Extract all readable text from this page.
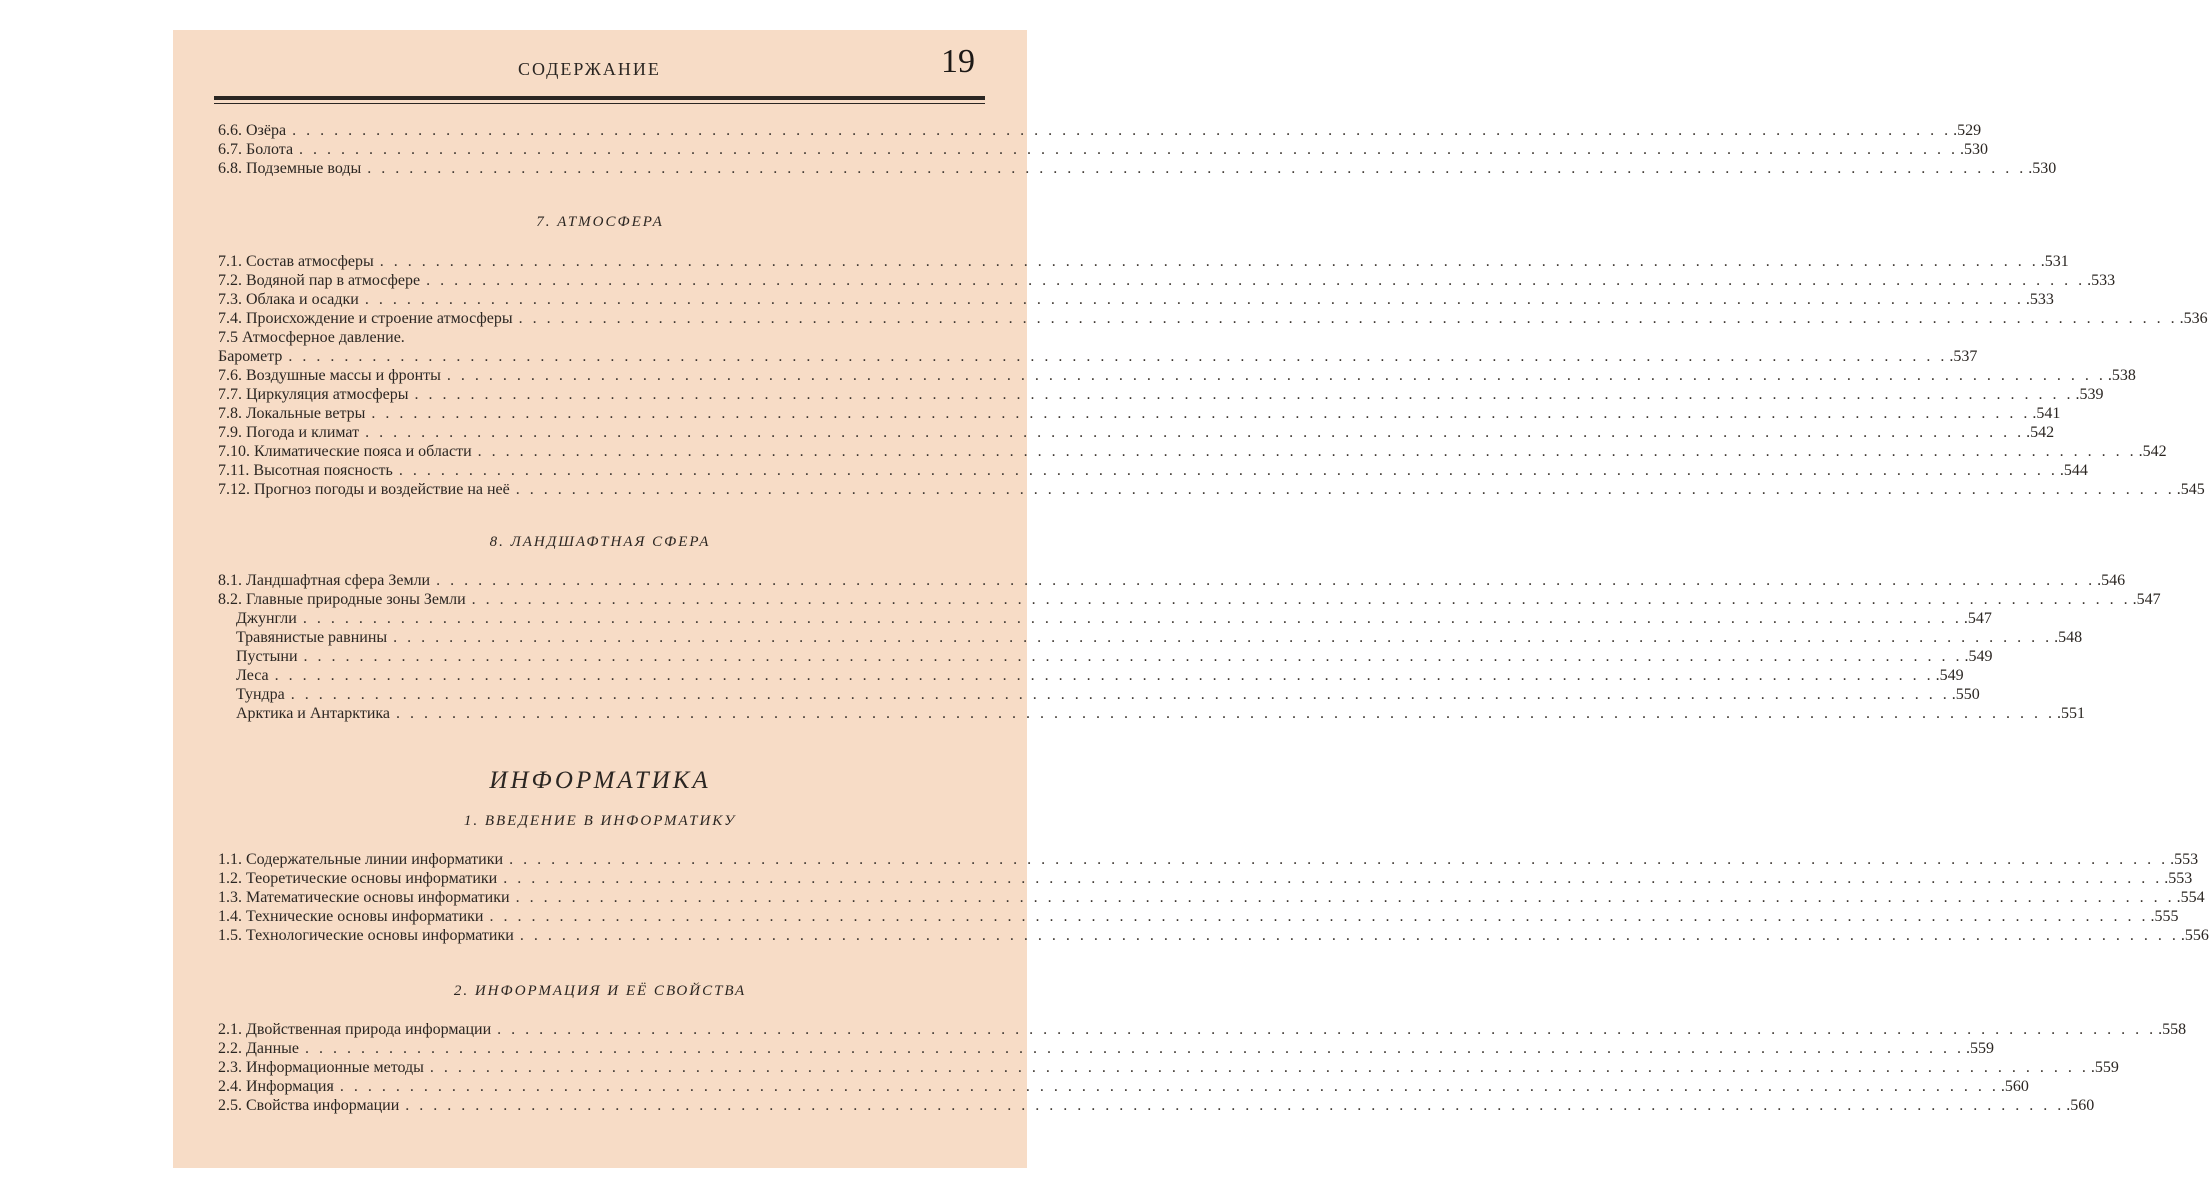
СОДЕРЖАНИЕ	19
6.6. Озёра . . . . . . . . . . . . . . . . . . . . . . . . . . . . . . . . . . . . . . . . . . . . . . . . . . . . . . . . . . . . . . . . . . . . . . . . . . . . . . . . . . . . . . . . . . . . . . . . . . . . . . . . . . . . . . . . . . . . . . . .529
6.7. Болота . . . . . . . . . . . . . . . . . . . . . . . . . . . . . . . . . . . . . . . . . . . . . . . . . . . . . . . . . . . . . . . . . . . . . . . . . . . . . . . . . . . . . . . . . . . . . . . . . . . . . . . . . . . . . . . . . . . . . . . .530
6.8. Подземные воды . . . . . . . . . . . . . . . . . . . . . . . . . . . . . . . . . . . . . . . . . . . . . . . . . . . . . . . . . . . . . . . . . . . . . . . . . . . . . . . . . . . . . . . . . . . . . . . . . . . . . . . . . . . . . . . . . . . . . . . .530
7. АТМОСФЕРА
7.1. Состав атмосферы . . . . . . . . . . . . . . . . . . . . . . . . . . . . . . . . . . . . . . . . . . . . . . . . . . . . . . . . . . . . . . . . . . . . . . . . . . . . . . . . . . . . . . . . . . . . . . . . . . . . . . . . . . . . . . . . . . . . . . . .531
7.2. Водяной пар в атмосфере . . . . . . . . . . . . . . . . . . . . . . . . . . . . . . . . . . . . . . . . . . . . . . . . . . . . . . . . . . . . . . . . . . . . . . . . . . . . . . . . . . . . . . . . . . . . . . . . . . . . . . . . . . . . . . . . . . . . . . . .533
7.3. Облака и осадки . . . . . . . . . . . . . . . . . . . . . . . . . . . . . . . . . . . . . . . . . . . . . . . . . . . . . . . . . . . . . . . . . . . . . . . . . . . . . . . . . . . . . . . . . . . . . . . . . . . . . . . . . . . . . . . . . . . . . . . .533
7.4. Происхождение и строение атмосферы . . . . . . . . . . . . . . . . . . . . . . . . . . . . . . . . . . . . . . . . . . . . . . . . . . . . . . . . . . . . . . . . . . . . . . . . . . . . . . . . . . . . . . . . . . . . . . . . . . . . . . . . . . . . . . . . . . . . . . . .536
7.5 Атмосферное давление.
Барометр . . . . . . . . . . . . . . . . . . . . . . . . . . . . . . . . . . . . . . . . . . . . . . . . . . . . . . . . . . . . . . . . . . . . . . . . . . . . . . . . . . . . . . . . . . . . . . . . . . . . . . . . . . . . . . . . . . . . . . . .537
7.6. Воздушные массы и фронты . . . . . . . . . . . . . . . . . . . . . . . . . . . . . . . . . . . . . . . . . . . . . . . . . . . . . . . . . . . . . . . . . . . . . . . . . . . . . . . . . . . . . . . . . . . . . . . . . . . . . . . . . . . . . . . . . . . . . . . .538
7.7. Циркуляция атмосферы . . . . . . . . . . . . . . . . . . . . . . . . . . . . . . . . . . . . . . . . . . . . . . . . . . . . . . . . . . . . . . . . . . . . . . . . . . . . . . . . . . . . . . . . . . . . . . . . . . . . . . . . . . . . . . . . . . . . . . . .539
7.8. Локальные ветры . . . . . . . . . . . . . . . . . . . . . . . . . . . . . . . . . . . . . . . . . . . . . . . . . . . . . . . . . . . . . . . . . . . . . . . . . . . . . . . . . . . . . . . . . . . . . . . . . . . . . . . . . . . . . . . . . . . . . . . .541
7.9. Погода и климат . . . . . . . . . . . . . . . . . . . . . . . . . . . . . . . . . . . . . . . . . . . . . . . . . . . . . . . . . . . . . . . . . . . . . . . . . . . . . . . . . . . . . . . . . . . . . . . . . . . . . . . . . . . . . . . . . . . . . . . .542
7.10. Климатические пояса и области . . . . . . . . . . . . . . . . . . . . . . . . . . . . . . . . . . . . . . . . . . . . . . . . . . . . . . . . . . . . . . . . . . . . . . . . . . . . . . . . . . . . . . . . . . . . . . . . . . . . . . . . . . . . . . . . . . . . . . . .542
7.11. Высотная поясность . . . . . . . . . . . . . . . . . . . . . . . . . . . . . . . . . . . . . . . . . . . . . . . . . . . . . . . . . . . . . . . . . . . . . . . . . . . . . . . . . . . . . . . . . . . . . . . . . . . . . . . . . . . . . . . . . . . . . . . .544
7.12. Прогноз погоды и воздействие на неё . . . . . . . . . . . . . . . . . . . . . . . . . . . . . . . . . . . . . . . . . . . . . . . . . . . . . . . . . . . . . . . . . . . . . . . . . . . . . . . . . . . . . . . . . . . . . . . . . . . . . . . . . . . . . . . . . . . . . . . .545
8. ЛАНДШАФТНАЯ СФЕРА
8.1. Ландшафтная сфера Земли . . . . . . . . . . . . . . . . . . . . . . . . . . . . . . . . . . . . . . . . . . . . . . . . . . . . . . . . . . . . . . . . . . . . . . . . . . . . . . . . . . . . . . . . . . . . . . . . . . . . . . . . . . . . . . . . . . . . . . . .546
8.2. Главные природные зоны Земли . . . . . . . . . . . . . . . . . . . . . . . . . . . . . . . . . . . . . . . . . . . . . . . . . . . . . . . . . . . . . . . . . . . . . . . . . . . . . . . . . . . . . . . . . . . . . . . . . . . . . . . . . . . . . . . . . . . . . . . .547
Джунгли . . . . . . . . . . . . . . . . . . . . . . . . . . . . . . . . . . . . . . . . . . . . . . . . . . . . . . . . . . . . . . . . . . . . . . . . . . . . . . . . . . . . . . . . . . . . . . . . . . . . . . . . . . . . . . . . . . . . . . . .547
Травянистые равнины . . . . . . . . . . . . . . . . . . . . . . . . . . . . . . . . . . . . . . . . . . . . . . . . . . . . . . . . . . . . . . . . . . . . . . . . . . . . . . . . . . . . . . . . . . . . . . . . . . . . . . . . . . . . . . . . . . . . . . . .548
Пустыни . . . . . . . . . . . . . . . . . . . . . . . . . . . . . . . . . . . . . . . . . . . . . . . . . . . . . . . . . . . . . . . . . . . . . . . . . . . . . . . . . . . . . . . . . . . . . . . . . . . . . . . . . . . . . . . . . . . . . . . .549
Леса . . . . . . . . . . . . . . . . . . . . . . . . . . . . . . . . . . . . . . . . . . . . . . . . . . . . . . . . . . . . . . . . . . . . . . . . . . . . . . . . . . . . . . . . . . . . . . . . . . . . . . . . . . . . . . . . . . . . . . . .549
Тундра . . . . . . . . . . . . . . . . . . . . . . . . . . . . . . . . . . . . . . . . . . . . . . . . . . . . . . . . . . . . . . . . . . . . . . . . . . . . . . . . . . . . . . . . . . . . . . . . . . . . . . . . . . . . . . . . . . . . . . . .550
Арктика и Антарктика . . . . . . . . . . . . . . . . . . . . . . . . . . . . . . . . . . . . . . . . . . . . . . . . . . . . . . . . . . . . . . . . . . . . . . . . . . . . . . . . . . . . . . . . . . . . . . . . . . . . . . . . . . . . . . . . . . . . . . . .551
ИНФОРМАТИКА
1. ВВЕДЕНИЕ В ИНФОРМАТИКУ
1.1. Содержательные линии информатики . . . . . . . . . . . . . . . . . . . . . . . . . . . . . . . . . . . . . . . . . . . . . . . . . . . . . . . . . . . . . . . . . . . . . . . . . . . . . . . . . . . . . . . . . . . . . . . . . . . . . . . . . . . . . . . . . . . . . . . .553
1.2. Теоретические основы информатики . . . . . . . . . . . . . . . . . . . . . . . . . . . . . . . . . . . . . . . . . . . . . . . . . . . . . . . . . . . . . . . . . . . . . . . . . . . . . . . . . . . . . . . . . . . . . . . . . . . . . . . . . . . . . . . . . . . . . . . .553
1.3. Математические основы информатики . . . . . . . . . . . . . . . . . . . . . . . . . . . . . . . . . . . . . . . . . . . . . . . . . . . . . . . . . . . . . . . . . . . . . . . . . . . . . . . . . . . . . . . . . . . . . . . . . . . . . . . . . . . . . . . . . . . . . . . .554
1.4. Технические основы информатики . . . . . . . . . . . . . . . . . . . . . . . . . . . . . . . . . . . . . . . . . . . . . . . . . . . . . . . . . . . . . . . . . . . . . . . . . . . . . . . . . . . . . . . . . . . . . . . . . . . . . . . . . . . . . . . . . . . . . . . .555
1.5. Технологические основы информатики . . . . . . . . . . . . . . . . . . . . . . . . . . . . . . . . . . . . . . . . . . . . . . . . . . . . . . . . . . . . . . . . . . . . . . . . . . . . . . . . . . . . . . . . . . . . . . . . . . . . . . . . . . . . . . . . . . . . . . . .556
2. ИНФОРМАЦИЯ И ЕЁ СВОЙСТВА
2.1. Двойственная природа информации . . . . . . . . . . . . . . . . . . . . . . . . . . . . . . . . . . . . . . . . . . . . . . . . . . . . . . . . . . . . . . . . . . . . . . . . . . . . . . . . . . . . . . . . . . . . . . . . . . . . . . . . . . . . . . . . . . . . . . . .558
2.2. Данные . . . . . . . . . . . . . . . . . . . . . . . . . . . . . . . . . . . . . . . . . . . . . . . . . . . . . . . . . . . . . . . . . . . . . . . . . . . . . . . . . . . . . . . . . . . . . . . . . . . . . . . . . . . . . . . . . . . . . . . .559
2.3. Информационные методы . . . . . . . . . . . . . . . . . . . . . . . . . . . . . . . . . . . . . . . . . . . . . . . . . . . . . . . . . . . . . . . . . . . . . . . . . . . . . . . . . . . . . . . . . . . . . . . . . . . . . . . . . . . . . . . . . . . . . . . .559
2.4. Информация . . . . . . . . . . . . . . . . . . . . . . . . . . . . . . . . . . . . . . . . . . . . . . . . . . . . . . . . . . . . . . . . . . . . . . . . . . . . . . . . . . . . . . . . . . . . . . . . . . . . . . . . . . . . . . . . . . . . . . . .560
2.5. Свойства информации . . . . . . . . . . . . . . . . . . . . . . . . . . . . . . . . . . . . . . . . . . . . . . . . . . . . . . . . . . . . . . . . . . . . . . . . . . . . . . . . . . . . . . . . . . . . . . . . . . . . . . . . . . . . . . . . . . . . . . . .560
